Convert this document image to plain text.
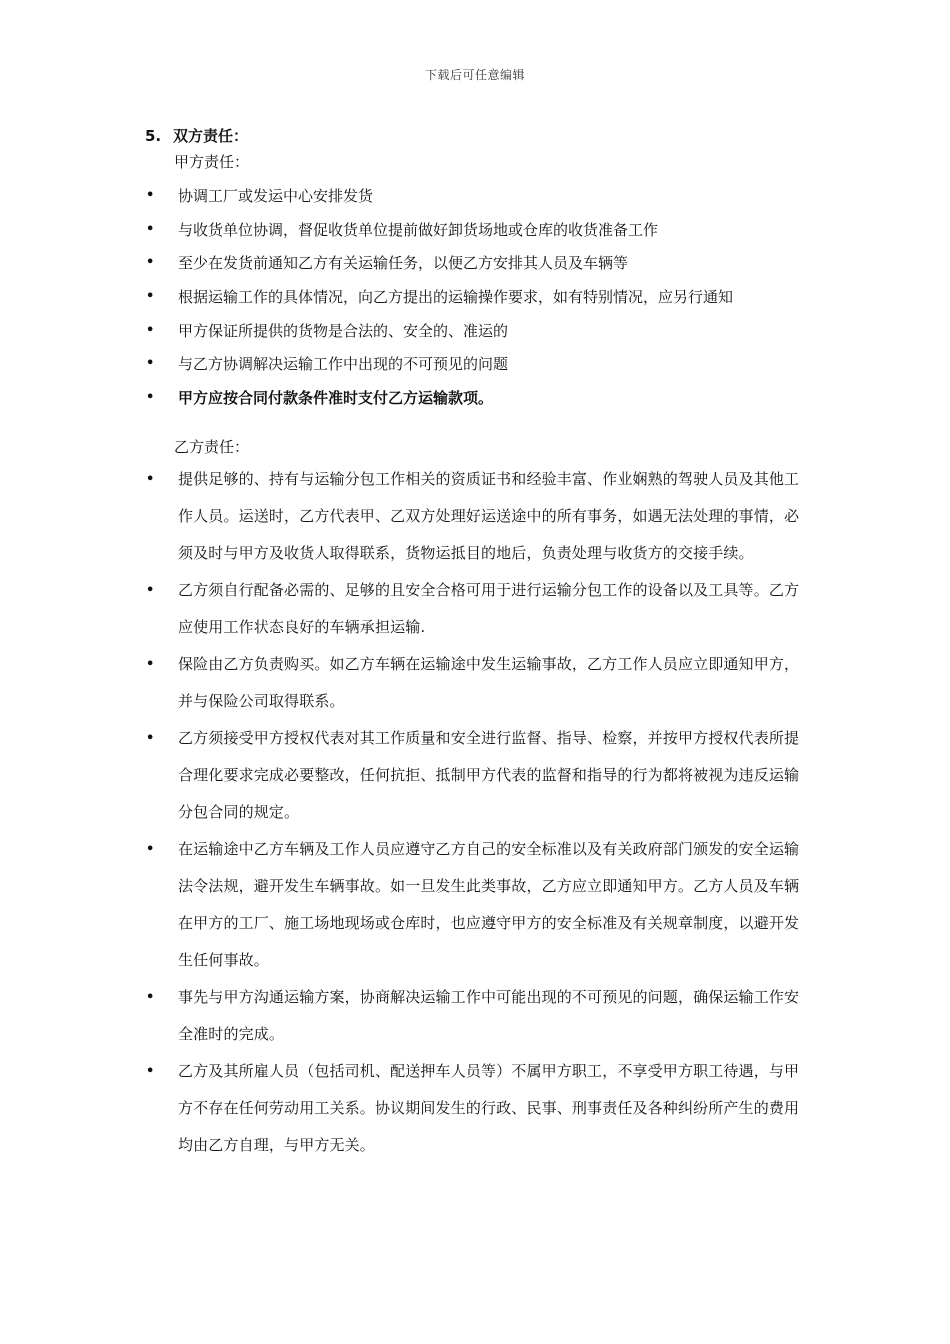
下载后可任意编辑
5. 双方责任：
甲方责任：
• 协调工厂或发运中心安排发货
• 与收货单位协调，督促收货单位提前做好卸货场地或仓库的收货准备工作
• 至少在发货前通知乙方有关运输任务，以便乙方安排其人员及车辆等
• 根据运输工作的具体情况，向乙方提出的运输操作要求，如有特别情况，应另行通知
• 甲方保证所提供的货物是合法的、安全的、准运的
• 与乙方协调解决运输工作中出现的不可预见的问题
• 甲方应按合同付款条件准时支付乙方运输款项。
乙方责任：
• 提供足够的、持有与运输分包工作相关的资质证书和经验丰富、作业娴熟的驾驶人员及其他工作人员。运送时，乙方代表甲、乙双方处理好运送途中的所有事务，如遇无法处理的事情，必须及时与甲方及收货人取得联系，货物运抵目的地后，负责处理与收货方的交接手续。
• 乙方须自行配备必需的、足够的且安全合格可用于进行运输分包工作的设备以及工具等。乙方应使用工作状态良好的车辆承担运输.
• 保险由乙方负责购买。如乙方车辆在运输途中发生运输事故，乙方工作人员应立即通知甲方，并与保险公司取得联系。
• 乙方须接受甲方授权代表对其工作质量和安全进行监督、指导、检察，并按甲方授权代表所提合理化要求完成必要整改，任何抗拒、抵制甲方代表的监督和指导的行为都将被视为违反运输分包合同的规定。
• 在运输途中乙方车辆及工作人员应遵守乙方自己的安全标准以及有关政府部门颁发的安全运输法令法规，避开发生车辆事故。如一旦发生此类事故，乙方应立即通知甲方。乙方人员及车辆在甲方的工厂、施工场地现场或仓库时，也应遵守甲方的安全标准及有关规章制度，以避开发生任何事故。
• 事先与甲方沟通运输方案，协商解决运输工作中可能出现的不可预见的问题，确保运输工作安全准时的完成。
• 乙方及其所雇人员（包括司机、配送押车人员等）不属甲方职工，不享受甲方职工待遇，与甲方不存在任何劳动用工关系。协议期间发生的行政、民事、刑事责任及各种纠纷所产生的费用均由乙方自理，与甲方无关。
